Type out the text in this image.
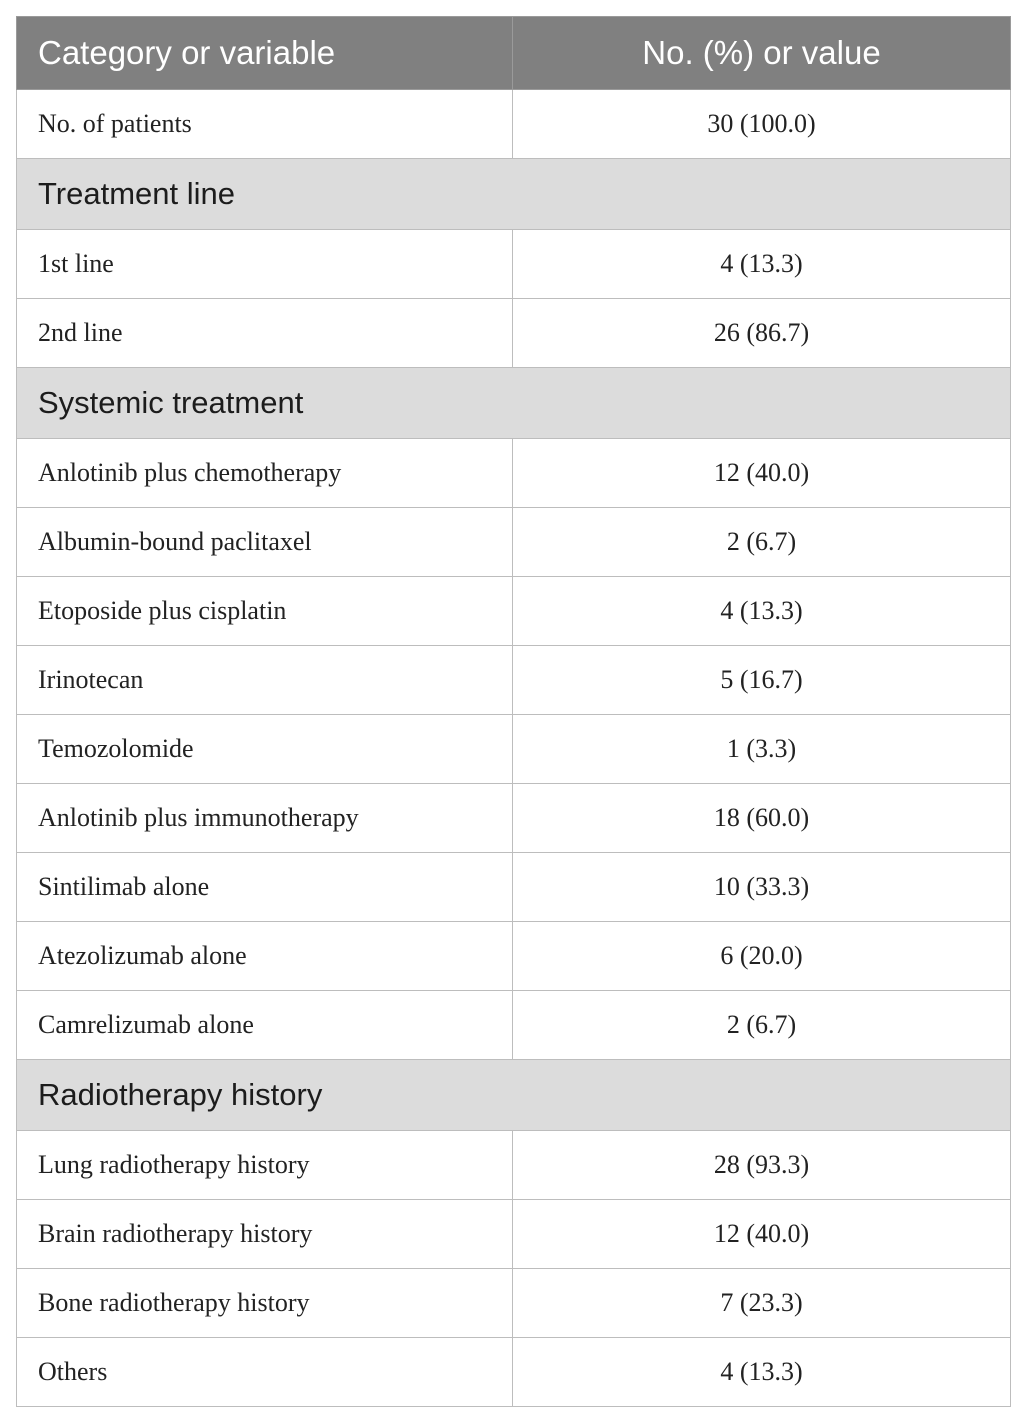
Category or variable	No. (%) or value
No. of patients	30 (100.0)
Treatment line	
1st line	4 (13.3)
2nd line	26 (86.7)
Systemic treatment	
Anlotinib plus chemotherapy	12 (40.0)
Albumin-bound paclitaxel	2 (6.7)
Etoposide plus cisplatin	4 (13.3)
Irinotecan	5 (16.7)
Temozolomide	1 (3.3)
Anlotinib plus immunotherapy	18 (60.0)
Sintilimab alone	10 (33.3)
Atezolizumab alone	6 (20.0)
Camrelizumab alone	2 (6.7)
Radiotherapy history	
Lung radiotherapy history	28 (93.3)
Brain radiotherapy history	12 (40.0)
Bone radiotherapy history	7 (23.3)
Others	4 (13.3)
